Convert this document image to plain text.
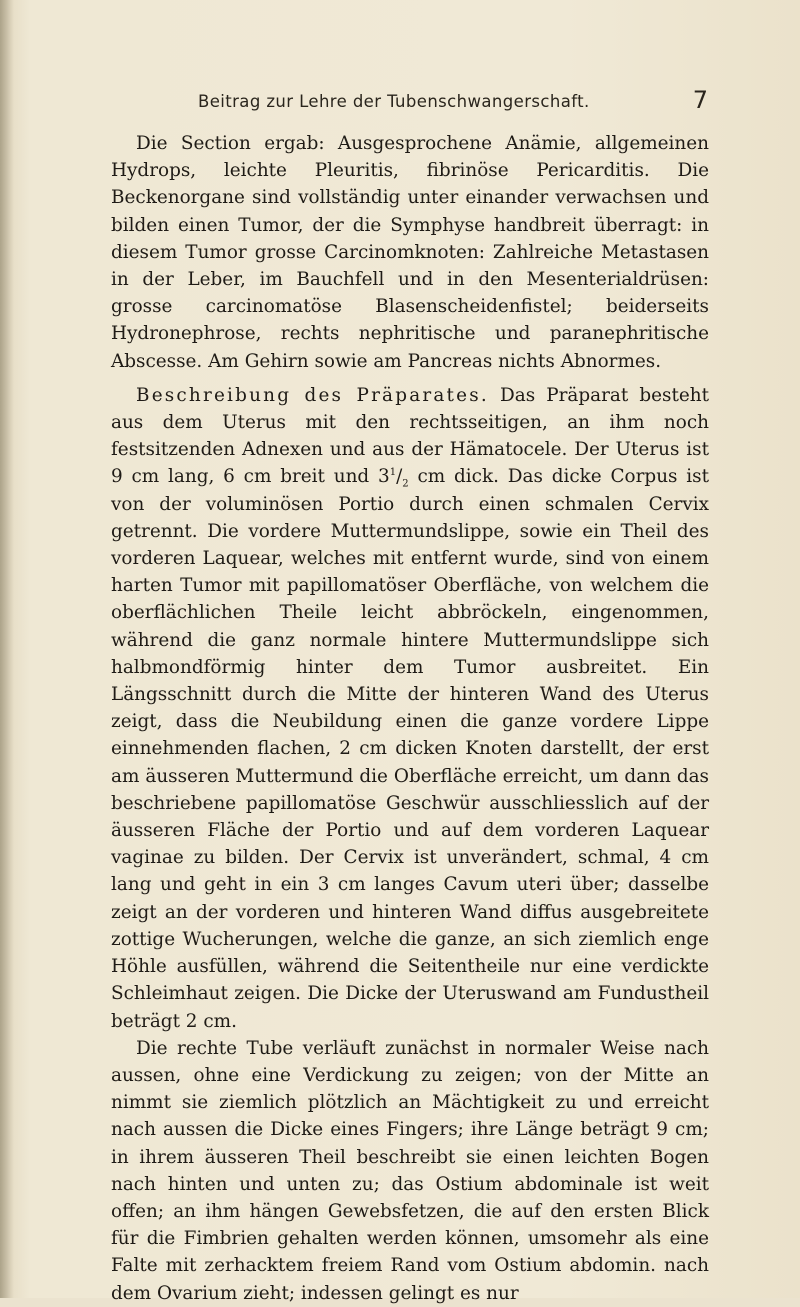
Beitrag zur Lehre der Tubenschwangerschaft.	7

Die Section ergab: Ausgesprochene Anämie, allgemeinen Hydrops, leichte Pleuritis, fibrinöse Pericarditis. Die Beckenorgane sind vollständig unter einander verwachsen und bilden einen Tumor, der die Symphyse handbreit überragt: in diesem Tumor grosse Carcinomknoten: Zahlreiche Metastasen in der Leber, im Bauchfell und in den Mesenterialdrüsen: grosse carcinomatöse Blasenscheidenfistel; beiderseits Hydronephrose, rechts nephritische und paranephritische Abscesse. Am Gehirn sowie am Pancreas nichts Abnormes.

Beschreibung des Präparates. Das Präparat besteht aus dem Uterus mit den rechtsseitigen, an ihm noch festsitzenden Adnexen und aus der Hämatocele. Der Uterus ist 9 cm lang, 6 cm breit und $3^1/_2$ cm dick. Das dicke Corpus ist von der voluminösen Portio durch einen schmalen Cervix getrennt. Die vordere Muttermundslippe, sowie ein Theil des vorderen Laquear, welches mit entfernt wurde, sind von einem harten Tumor mit papillomatöser Oberfläche, von welchem die oberflächlichen Theile leicht abbröckeln, eingenommen, während die ganz normale hintere Muttermundslippe sich halbmondförmig hinter dem Tumor ausbreitet. Ein Längsschnitt durch die Mitte der hinteren Wand des Uterus zeigt, dass die Neubildung einen die ganze vordere Lippe einnehmenden flachen, 2 cm dicken Knoten darstellt, der erst am äusseren Muttermund die Oberfläche erreicht, um dann das beschriebene papillomatöse Geschwür ausschliesslich auf der äusseren Fläche der Portio und auf dem vorderen Laquear vaginae zu bilden. Der Cervix ist unverändert, schmal, 4 cm lang und geht in ein 3 cm langes Cavum uteri über; dasselbe zeigt an der vorderen und hinteren Wand diffus ausgebreitete zottige Wucherungen, welche die ganze, an sich ziemlich enge Höhle ausfüllen, während die Seitentheile nur eine verdickte Schleimhaut zeigen. Die Dicke der Uteruswand am Fundustheil beträgt 2 cm.

Die rechte Tube verläuft zunächst in normaler Weise nach aussen, ohne eine Verdickung zu zeigen; von der Mitte an nimmt sie ziemlich plötzlich an Mächtigkeit zu und erreicht nach aussen die Dicke eines Fingers; ihre Länge beträgt 9 cm; in ihrem äusseren Theil beschreibt sie einen leichten Bogen nach hinten und unten zu; das Ostium abdominale ist weit offen; an ihm hängen Gewebsfetzen, die auf den ersten Blick für die Fimbrien gehalten werden können, umsomehr als eine Falte mit zerhacktem freiem Rand vom Ostium abdomin. nach dem Ovarium zieht; indessen gelingt es nur
